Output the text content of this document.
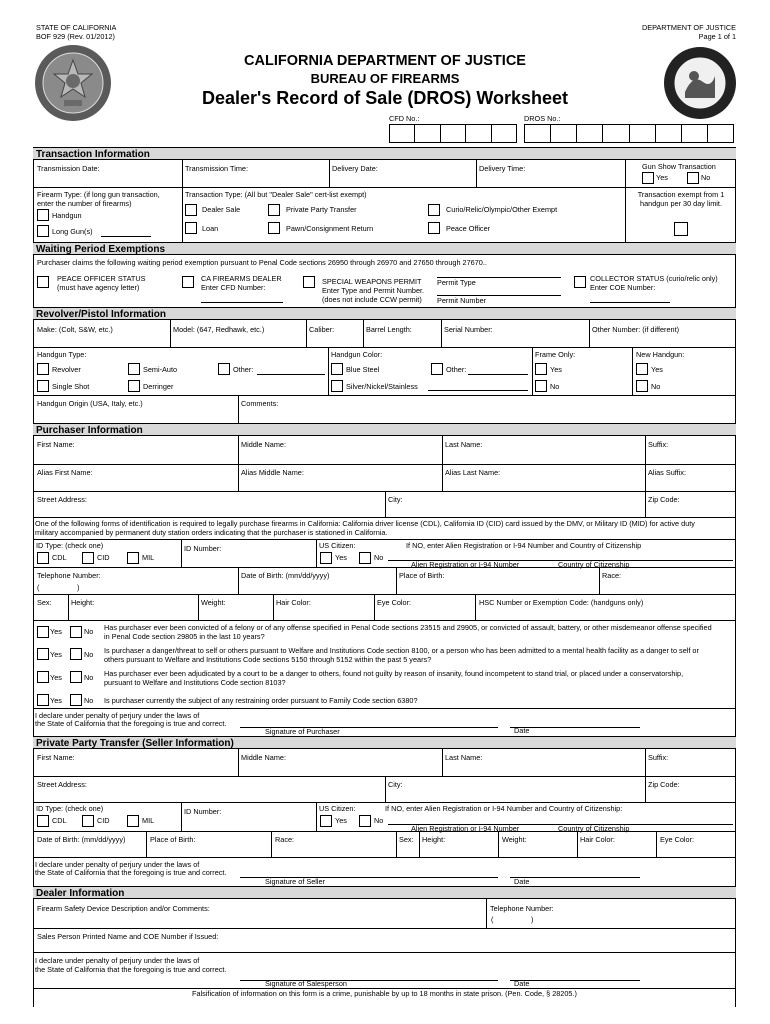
STATE OF CALIFORNIA
BOF 929 (Rev. 01/2012)
DEPARTMENT OF JUSTICE
Page 1 of 1
CALIFORNIA DEPARTMENT OF JUSTICE
BUREAU OF FIREARMS
Dealer's Record of Sale (DROS) Worksheet
CFD No.:	DROS No.:
Transaction Information
Transmission Date:	Transmission Time:	Delivery Date:	Delivery Time:	Gun Show Transaction
Yes	No
Firearm Type: (if long gun transaction, enter the number of firearms)
Handgun
Long Gun(s)
Transaction Type: (All but "Dealer Sale" cert-list exempt)
Dealer Sale	Private Party Transfer	Curio/Relic/Olympic/Other Exempt
Loan	Pawn/Consignment Return	Peace Officer
Transaction exempt from 1 handgun per 30 day limit.
Waiting Period Exemptions
Purchaser claims the following waiting period exemption pursuant to Penal Code sections 26950 through 26970 and 27650 through 27670..
PEACE OFFICER STATUS
(must have agency letter)
CA FIREARMS DEALER
Enter CFD Number:
SPECIAL WEAPONS PERMIT
Enter Type and Permit Number.
(does not include CCW permit)
Permit Type
Permit Number
COLLECTOR STATUS (curio/relic only)
Enter COE Number:
Revolver/Pistol Information
Make: (Colt, S&W, etc.)	Model: (647, Redhawk, etc.)	Caliber:	Barrel Length:	Serial Number:	Other Number: (if different)
Handgun Type:
Revolver	Semi-Auto	Other:
Single Shot	Derringer
Handgun Color:
Blue Steel	Other:
Silver/Nickel/Stainless
Frame Only:
Yes
No
New Handgun:
Yes
No
Handgun Origin (USA, Italy, etc.)	Comments:
Purchaser Information
First Name:	Middle Name:	Last Name:	Suffix:
Alias First Name:	Alias Middle Name:	Alias Last Name:	Alias Suffix:
Street Address:	City:	Zip Code:
One of the following forms of identification is required to legally purchase firearms in California: California driver license (CDL), California ID (CID) card issued by the DMV, or Military ID (MID) for active duty
military accompanied by permanent duty station orders indicating that the purchaser is stationed in California.
ID Type: (check one)
CDL	CID	MIL
ID Number:	US Citizen:
Yes	No
If NO, enter Alien Registration or I-94 Number and Country of Citizenship
Alien Registration or I-94 Number	Country of Citizenship
Telephone Number:
(	)
Date of Birth: (mm/dd/yyyy)	Place of Birth:	Race:
Sex:	Height:	Weight:	Hair Color:	Eye Color:	HSC Number or Exemption Code: (handguns only)
Yes	No Has purchaser ever been convicted of a felony or of any offense specified in Penal Code sections 23515 and 29905, or convicted of assault, battery, or other misdemeanor offense specified
in Penal Code section 29805 in the last 10 years?
Yes	No Is purchaser a danger/threat to self or others pursuant to Welfare and Institutions Code section 8100, or a person who has been admitted to a mental health facility as a danger to self or
others pursuant to Welfare and Institutions Code sections 5150 through 5152 within the past 5 years?
Yes	No Has purchaser ever been adjudicated by a court to be a danger to others, found not guilty by reason of insanity, found incompetent to stand trial, or placed under a conservatorship,
pursuant to Welfare and Institutions Code section 8103?
Yes	No Is purchaser currently the subject of any restraining order pursuant to Family Code section 6380?
I declare under penalty of perjury under the laws of
the State of California that the foregoing is true and correct.
Signature of Purchaser	Date
Private Party Transfer (Seller Information)
First Name:	Middle Name:	Last Name:	Suffix:
Street Address:	City:	Zip Code:
ID Type: (check one)
CDL	CID	MIL
ID Number:	US Citizen:
Yes	No
If NO, enter Alien Registration or I-94 Number and Country of Citizenship:
Alien Registration or I-94 Number	Country of Citizenship
Date of Birth: (mm/dd/yyyy)	Place of Birth:	Race:	Sex: Height:	Weight:	Hair Color:	Eye Color:
I declare under penalty of perjury under the laws of
the State of California that the foregoing is true and correct.
Signature of Seller	Date
Dealer Information
Firearm Safety Device Description and/or Comments:	Telephone Number:
(	)
Sales Person Printed Name and COE Number if Issued:
I declare under penalty of perjury under the laws of
the State of California that the foregoing is true and correct.
Signature of Salesperson	Date
Falsification of information on this form is a crime, punishable by up to 18 months in state prison. (Pen. Code, § 28205.)
